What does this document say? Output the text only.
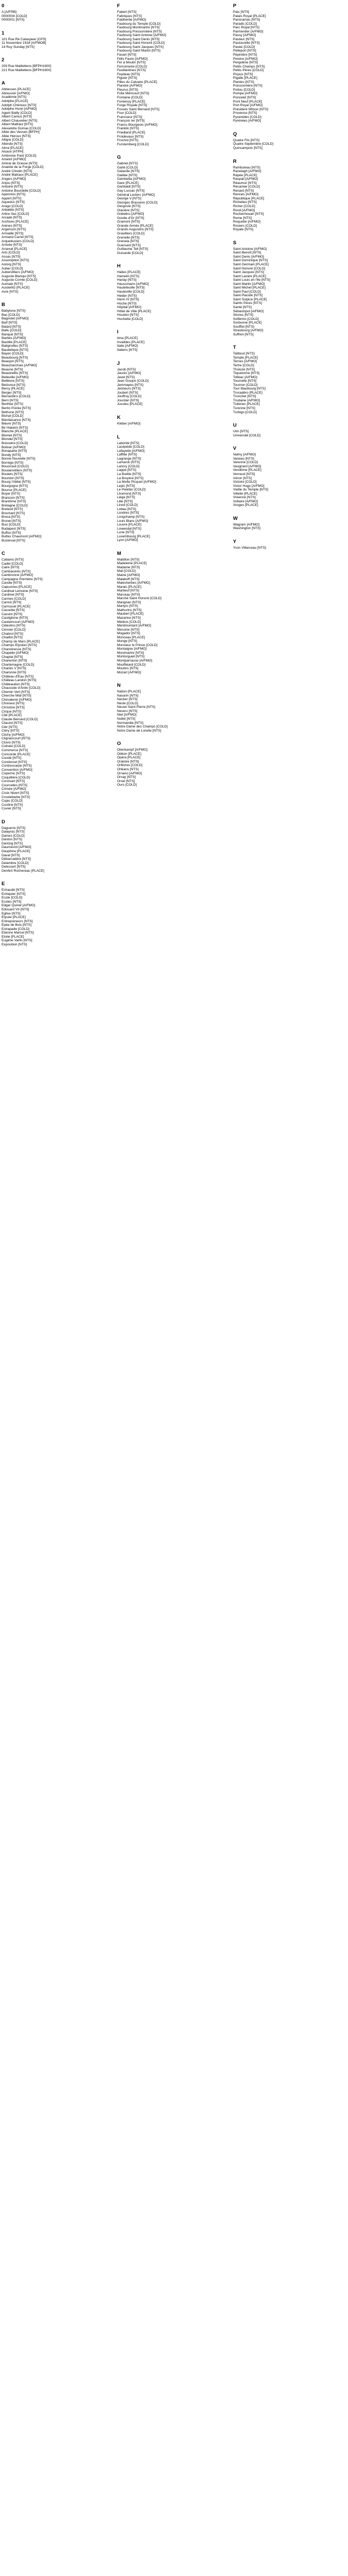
0
A [A/FRB]
0000004 [COLD]
0000001 [NTS]
1
101 Rue Ré Cataspeer [CPS]
11 Novembre 1918 [A/FMOB]
14 Ruy Sunday [NTS]
2
209 Rue Maillettens [BFPH1600]
221 Rue Maillettens [BFPH1600]
A
Abbesses [PLACE]
Abreuvoir [A/FMO]
Académie [NTS]
Adolphe [PLACE]
Adolph Chérioux [NTS]
Adolphe Hurel [A/FMO]
Agent Bailly [COLD]
Albert Camus [NTS]
Albert Chauvelier [NTS]
Albert Mathiez [NTS]
Alexandre Dumas [COLD]
Allée des Veuves [BFPH]
Allée Heroux [NTS]
Alligre [COLD]
Allende [NTS]
Alma [PLACE]
Alsace [ATPH]
Ambroise Paré [COLD]
Amelot [A/FMO]
Amiral de Grasse [NTS]
Anatole de la Forge [COLD]
André Citroën [NTS]
André Malraux [PLACE]
Angers [A/FMO]
Anjou [NTS]
Antoine [NTS]
Antoine Bourdelle [COLD]
Apennins [NTS]
Appert [NTS]
Aqueduc [NTS]
Arago [COLD]
Arbalète [NTS]
Arbre Sec [COLD]
Arcade [NTS]
Archives [PLACE]
Arènes [NTS]
Argenson [NTS]
Armaillé [NTS]
Armand Carrel [NTS]
Arquebusiers [COLD]
Arrivée [NTS]
Arsenal [PLACE]
Arts [COLD]
Assas [NTS]
Assomption [NTS]
Astorg [NTS]
Auber [COLD]
Aubervilliers [A/FMO]
Auguste Blanqui [NTS]
Auguste Comte [COLD]
Aumale [NTS]
Austerlitz [PLACE]
Avre [NTS]
B
Babylone [NTS]
Bac [COLD]
Bagnolet [A/FMO]
Baïf [NTS]
Balard [NTS]
Ballu [COLD]
Banque [NTS]
Barbès [A/FMO]
Bastille [PLACE]
Batignolles [NTS]
Baudelique [NTS]
Bayen [COLD]
Beaubourg [NTS]
Beaujon [NTS]
Beaumarchais [A/FMO]
Beaune [NTS]
Beautreillis [NTS]
Belleville [A/FMO]
Bellièvre [NTS]
Belzunce [NTS]
Bercy [PLACE]
Berger [NTS]
Bernardins [COLD]
Berri [NTS]
Berthier [NTS]
Bertin Poirée [NTS]
Béthune [NTS]
Bichat [COLD]
Bienfaisance [NTS]
Bièvre [NTS]
Bir Hakeim [NTS]
Blanche [PLACE]
Blomet [NTS]
Blondel [NTS]
Boissière [COLD]
Bolivar [A/FMO]
Bonaparte [NTS]
Bondy [NTS]
Bonne Nouvelle [NTS]
Borrégo [NTS]
Boucicaut [COLD]
Boulainvilliers [NTS]
Boulets [NTS]
Bourdon [NTS]
Bourg l'Abbé [NTS]
Bourgogne [NTS]
Bourse [PLACE]
Boyer [NTS]
Brancion [NTS]
Brantôme [NTS]
Bretagne [COLD]
Breteuil [NTS]
Brochant [NTS]
Broca [NTS]
Brunel [NTS]
Buci [COLD]
Budapest [NTS]
Buffon [NTS]
Buttes Chaumont [A/FMO]
Buzenval [NTS]
C
Cabanis [NTS]
Cadet [COLD]
Caire [NTS]
Cambacérès [NTS]
Cambronne [A/FMO]
Campagne Première [NTS]
Candie [NTS]
Capucines [PLACE]
Cardinal Lemoine [NTS]
Cardinet [NTS]
Carmes [COLD]
Carnot [NTS]
Carrousel [PLACE]
Cassette [NTS]
Cassini [NTS]
Castiglione [NTS]
Caulaincourt [A/FMO]
Célestins [NTS]
Censier [COLD]
Chabrol [NTS]
Chaillot [NTS]
Champ de Mars [PLACE]
Champs Élysées [NTS]
Chanoinesse [NTS]
Chapelle [A/FMO]
Chaptal [NTS]
Charenton [NTS]
Charlemagne [COLD]
Charles V [NTS]
Charonne [NTS]
Château d'Eau [NTS]
Château Landon [NTS]
Châteaudun [NTS]
Chaussée d'Antin [COLD]
Chemin Vert [NTS]
Cherche Midi [NTS]
Chevaleret [A/FMO]
Choiseul [NTS]
Christine [NTS]
Cirque [NTS]
Cité [PLACE]
Claude Bernard [COLD]
Clauzel [NTS]
Cler [NTS]
Cléry [NTS]
Clichy [A/FMO]
Clignancourt [NTS]
Clovis [NTS]
Colisée [COLD]
Commerce [NTS]
Concorde [PLACE]
Condé [NTS]
Condorcet [NTS]
Contrescarpe [NTS]
Convention [A/FMO]
Copernic [NTS]
Coquillière [COLD]
Corvisart [NTS]
Courcelles [NTS]
Crimée [A/FMO]
Croix Nivert [NTS]
Croulebarbe [NTS]
Cujas [COLD]
Custine [NTS]
Cuvier [NTS]
D
Daguerre [NTS]
Dalayrac [NTS]
Dames [COLD]
Danton [NTS]
Dantzig [NTS]
Daumesnil [A/FMO]
Dauphine [PLACE]
Daval [NTS]
Débarcadère [NTS]
Delambre [COLD]
Delessert [NTS]
Denfert Rochereau [PLACE]
E
Échaudé [NTS]
Échiquier [NTS]
École [COLD]
Écoles [NTS]
Edgar Quinet [A/FMO]
Édouard VII [NTS]
Église [NTS]
Élysée [PLACE]
Entrepreneurs [NTS]
Épée de Bois [NTS]
Estrapade [COLD]
Étienne Marcel [NTS]
Étoile [PLACE]
Eugène Varlin [NTS]
Exposition [NTS]
F
Fabert [NTS]
Fabriques [NTS]
Faidherbe [A/FMO]
Faubourg du Temple [COLD]
Faubourg Montmartre [NTS]
Faubourg Poissonnière [NTS]
Faubourg Saint Antoine [A/FMO]
Faubourg Saint Denis [NTS]
Faubourg Saint Honoré [COLD]
Faubourg Saint Jacques [NTS]
Faubourg Saint Martin [NTS]
Favart [NTS]
Félix Faure [A/FMO]
Fer à Moulin [NTS]
Ferronnerie [COLD]
Feuillantines [NTS]
Feydeau [NTS]
Figuier [NTS]
Filles du Calvaire [PLACE]
Flandre [A/FMO]
Fleurus [NTS]
Folie Méricourt [NTS]
Fontaine [COLD]
Fontenoy [PLACE]
Forge Royale [NTS]
Fossés Saint Bernard [NTS]
Four [COLD]
Francoeur [NTS]
François Ier [NTS]
Francs Bourgeois [A/FMO]
Franklin [NTS]
Friedland [PLACE]
Froidevaux [NTS]
Frochot [NTS]
Furstemberg [COLD]
G
Gabriel [NTS]
Gaîté [COLD]
Galande [NTS]
Galilée [NTS]
Gambetta [A/FMO]
Gare [PLACE]
Garibaldi [NTS]
Gay Lussac [NTS]
Général Leclerc [A/FMO]
George V [NTS]
Georges Brassens [COLD]
Gergovie [NTS]
Glacière [NTS]
Gobelins [A/FMO]
Goutte d'Or [NTS]
Gramont [NTS]
Grande Armée [PLACE]
Grands Augustins [NTS]
Gravilliers [COLD]
Grenelle [NTS]
Greneta [NTS]
Guersant [NTS]
Guillaume Tell [NTS]
Guisarde [COLD]
H
Halles [PLACE]
Hamelin [NTS]
Harlay [NTS]
Haussmann [A/FMO]
Hautefeuille [NTS]
Hauteville [COLD]
Helder [NTS]
Henri IV [NTS]
Hoche [NTS]
Hôpital [A/FMO]
Hôtel de Ville [PLACE]
Houdon [NTS]
Huchette [COLD]
I
Iéna [PLACE]
Invalides [PLACE]
Italie [A/FMO]
Italiens [NTS]
J
Jacob [NTS]
Jaurès [A/FMO]
Javel [NTS]
Jean Goujon [COLD]
Jemmapes [NTS]
Jeûneurs [NTS]
Joubert [NTS]
Jouffroy [COLD]
Jourdan [NTS]
Jussieu [PLACE]
K
Kléber [A/FMO]
L
Laborde [NTS]
Lacépède [COLD]
Lafayette [A/FMO]
Laffitte [NTS]
Lagrange [NTS]
Lamarck [NTS]
Lancry [COLD]
Lappe [NTS]
La Boétie [NTS]
La Bruyère [NTS]
La Motte Picquet [A/FMO]
Lepic [NTS]
Le Peletier [COLD]
Lhomond [NTS]
Liège [NTS]
Lille [NTS]
Linné [COLD]
Lobau [NTS]
Londres [NTS]
Longchamp [NTS]
Louis Blanc [A/FMO]
Louvre [PLACE]
Lowendal [NTS]
Lune [NTS]
Luxembourg [PLACE]
Lyon [A/FMO]
M
Mabillon [NTS]
Madeleine [PLACE]
Madame [NTS]
Mail [COLD]
Maine [A/FMO]
Malakoff [NTS]
Malesherbes [A/FMO]
Marais [PLACE]
Marbeuf [NTS]
Marceau [NTS]
Marché Saint Honoré [COLD]
Marignan [NTS]
Martyrs [NTS]
Mathurins [NTS]
Maubert [PLACE]
Mazarine [NTS]
Médicis [COLD]
Ménilmontant [A/FMO]
Messine [NTS]
Mogador [NTS]
Monceau [PLACE]
Monge [NTS]
Monsieur le Prince [COLD]
Montaigne [A/FMO]
Montmartre [NTS]
Montorgueil [NTS]
Montparnasse [A/FMO]
Mouffetard [COLD]
Moulins [NTS]
Mozart [A/FMO]
N
Nation [PLACE]
Navarin [NTS]
Necker [NTS]
Nesle [COLD]
Neuve Saint Pierre [NTS]
Nevers [NTS]
Niel [A/FMO]
Nollet [NTS]
Normandie [NTS]
Notre Dame des Champs [COLD]
Notre Dame de Lorette [NTS]
O
Oberkampf [A/FMO]
Odéon [PLACE]
Opéra [PLACE]
Oratoire [NTS]
Orfèvres [COLD]
Orléans [NTS]
Ornano [A/FMO]
Orsay [NTS]
Orsel [NTS]
Ours [COLD]
P
Paix [NTS]
Palais Royal [PLACE]
Panoramas [NTS]
Paradis [COLD]
Parc Royal [NTS]
Parmentier [A/FMO]
Passy [A/FMO]
Pasteur [NTS]
Pastourelle [NTS]
Pavée [COLD]
Pelleport [NTS]
Pépinière [NTS]
Pereire [A/FMO]
Pergolèse [NTS]
Petits Champs [NTS]
Petits Pères [COLD]
Picpus [NTS]
Pigalle [PLACE]
Plantes [NTS]
Poissonnière [NTS]
Poitou [COLD]
Pompe [A/FMO]
Poncelet [NTS]
Pont Neuf [PLACE]
Port Royal [A/FMO]
Président Wilson [NTS]
Provence [NTS]
Pyramides [COLD]
Pyrénées [A/FMO]
Q
Quatre Fils [NTS]
Quatre Septembre [COLD]
Quincampoix [NTS]
R
Rambuteau [NTS]
Ranelagh [A/FMO]
Rapée [PLACE]
Raspail [A/FMO]
Réaumur [NTS]
Récamier [COLD]
Renard [NTS]
Rennes [A/FMO]
République [PLACE]
Richelieu [NTS]
Richer [COLD]
Rivoli [A/FMO]
Rochechouart [NTS]
Rome [NTS]
Roquette [A/FMO]
Rosiers [COLD]
Royale [NTS]
S
Saint Antoine [A/FMO]
Saint Benoît [NTS]
Saint Denis [A/FMO]
Saint Dominique [NTS]
Saint Germain [PLACE]
Saint Honoré [COLD]
Saint Jacques [NTS]
Saint Lazare [PLACE]
Saint Louis en l'Île [NTS]
Saint Martin [A/FMO]
Saint Michel [PLACE]
Saint Paul [COLD]
Saint Placide [NTS]
Saint Sulpice [PLACE]
Saints Pères [NTS]
Santé [NTS]
Sébastopol [A/FMO]
Sèvres [NTS]
Solférino [COLD]
Sorbonne [PLACE]
Soufflot [NTS]
Strasbourg [A/FMO]
Suffren [NTS]
T
Taitbout [NTS]
Temple [PLACE]
Ternes [A/FMO]
Tertre [COLD]
Tholozé [NTS]
Tiquetonne [NTS]
Tolbiac [A/FMO]
Tournelle [NTS]
Tournon [COLD]
Tour Maubourg [NTS]
Trocadéro [PLACE]
Tronchet [NTS]
Trudaine [A/FMO]
Tuileries [PLACE]
Turenne [NTS]
Turbigo [COLD]
U
Ulm [NTS]
Université [COLD]
V
Valmy [A/FMO]
Vaneau [NTS]
Varenne [COLD]
Vaugirard [A/FMO]
Vendôme [PLACE]
Verneuil [NTS]
Véron [NTS]
Victoire [COLD]
Victor Hugo [A/FMO]
Vieille du Temple [NTS]
Villette [PLACE]
Vivienne [NTS]
Voltaire [A/FMO]
Vosges [PLACE]
W
Wagram [A/FMO]
Washington [NTS]
Y
Yvon Villarceau [NTS]
